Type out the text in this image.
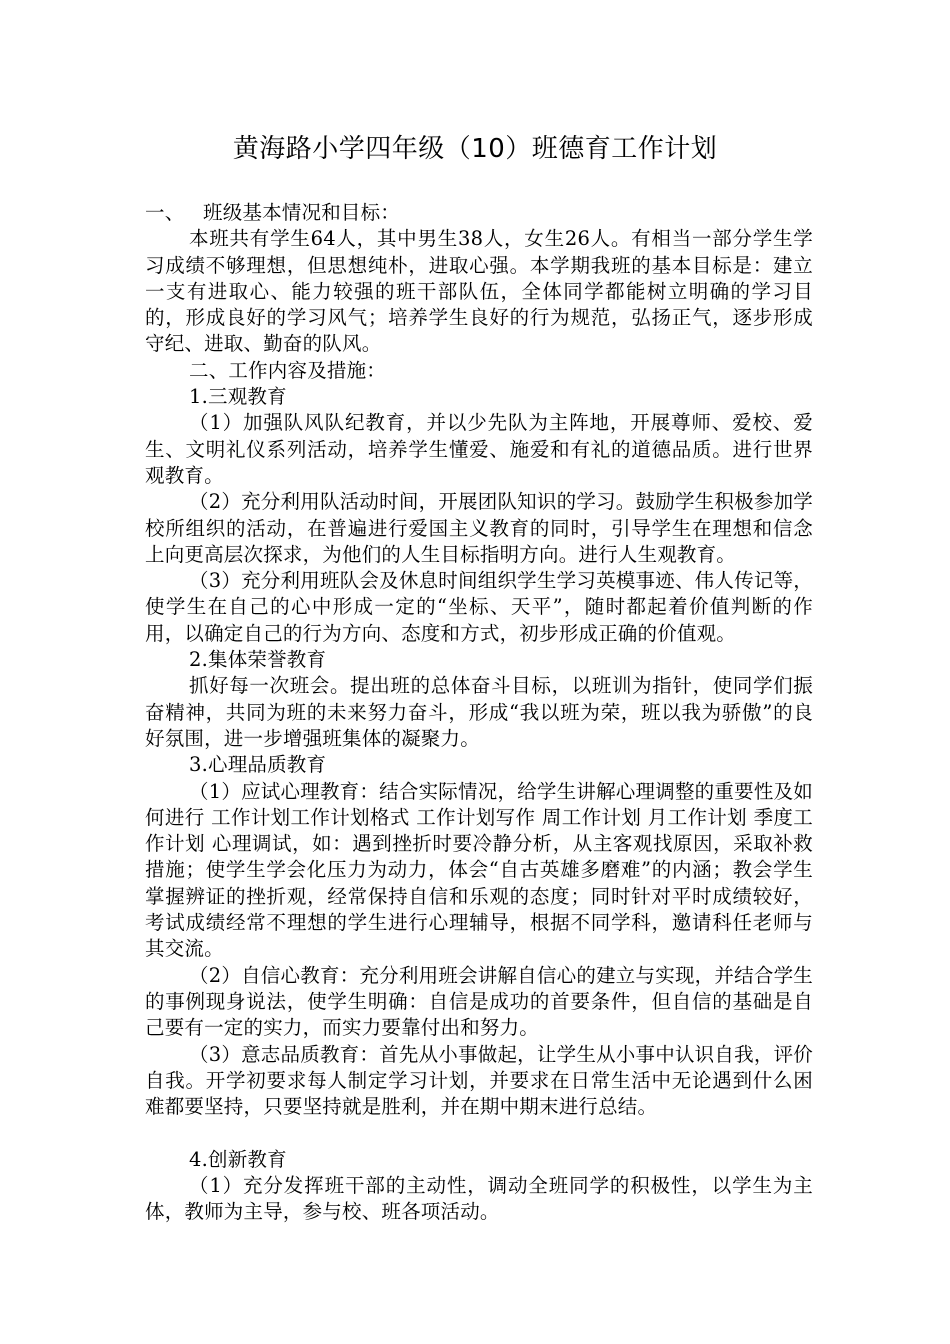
黄海路小学四年级（10）班德育工作计划

一、 班级基本情况和目标：

本班共有学生64人，其中男生38人，女生26人。有相当一部分学生学习成绩不够理想，但思想纯朴，进取心强。本学期我班的基本目标是：建立一支有进取心、能力较强的班干部队伍，全体同学都能树立明确的学习目的，形成良好的学习风气；培养学生良好的行为规范，弘扬正气，逐步形成守纪、进取、勤奋的队风。

二、工作内容及措施：

1.三观教育

（1）加强队风队纪教育，并以少先队为主阵地，开展尊师、爱校、爱生、文明礼仪系列活动，培养学生懂爱、施爱和有礼的道德品质。进行世界观教育。

（2）充分利用队活动时间，开展团队知识的学习。鼓励学生积极参加学校所组织的活动，在普遍进行爱国主义教育的同时，引导学生在理想和信念上向更高层次探求，为他们的人生目标指明方向。进行人生观教育。

（3）充分利用班队会及休息时间组织学生学习英模事迹、伟人传记等，使学生在自己的心中形成一定的“坐标、天平”，随时都起着价值判断的作用，以确定自己的行为方向、态度和方式，初步形成正确的价值观。

2.集体荣誉教育

抓好每一次班会。提出班的总体奋斗目标，以班训为指针，使同学们振奋精神，共同为班的未来努力奋斗，形成“我以班为荣，班以我为骄傲”的良好氛围，进一步增强班集体的凝聚力。

3.心理品质教育

（1）应试心理教育：结合实际情况，给学生讲解心理调整的重要性及如何进行 工作计划工作计划格式 工作计划写作 周工作计划 月工作计划 季度工作计划 心理调试，如：遇到挫折时要冷静分析，从主客观找原因，采取补救措施；使学生学会化压力为动力，体会“自古英雄多磨难”的内涵；教会学生掌握辨证的挫折观，经常保持自信和乐观的态度；同时针对平时成绩较好，考试成绩经常不理想的学生进行心理辅导，根据不同学科，邀请科任老师与其交流。

（2）自信心教育：充分利用班会讲解自信心的建立与实现，并结合学生的事例现身说法，使学生明确：自信是成功的首要条件，但自信的基础是自己要有一定的实力，而实力要靠付出和努力。

（3）意志品质教育：首先从小事做起，让学生从小事中认识自我，评价自我。开学初要求每人制定学习计划，并要求在日常生活中无论遇到什么困难都要坚持，只要坚持就是胜利，并在期中期末进行总结。

4.创新教育

（1）充分发挥班干部的主动性，调动全班同学的积极性，以学生为主体，教师为主导，参与校、班各项活动。
